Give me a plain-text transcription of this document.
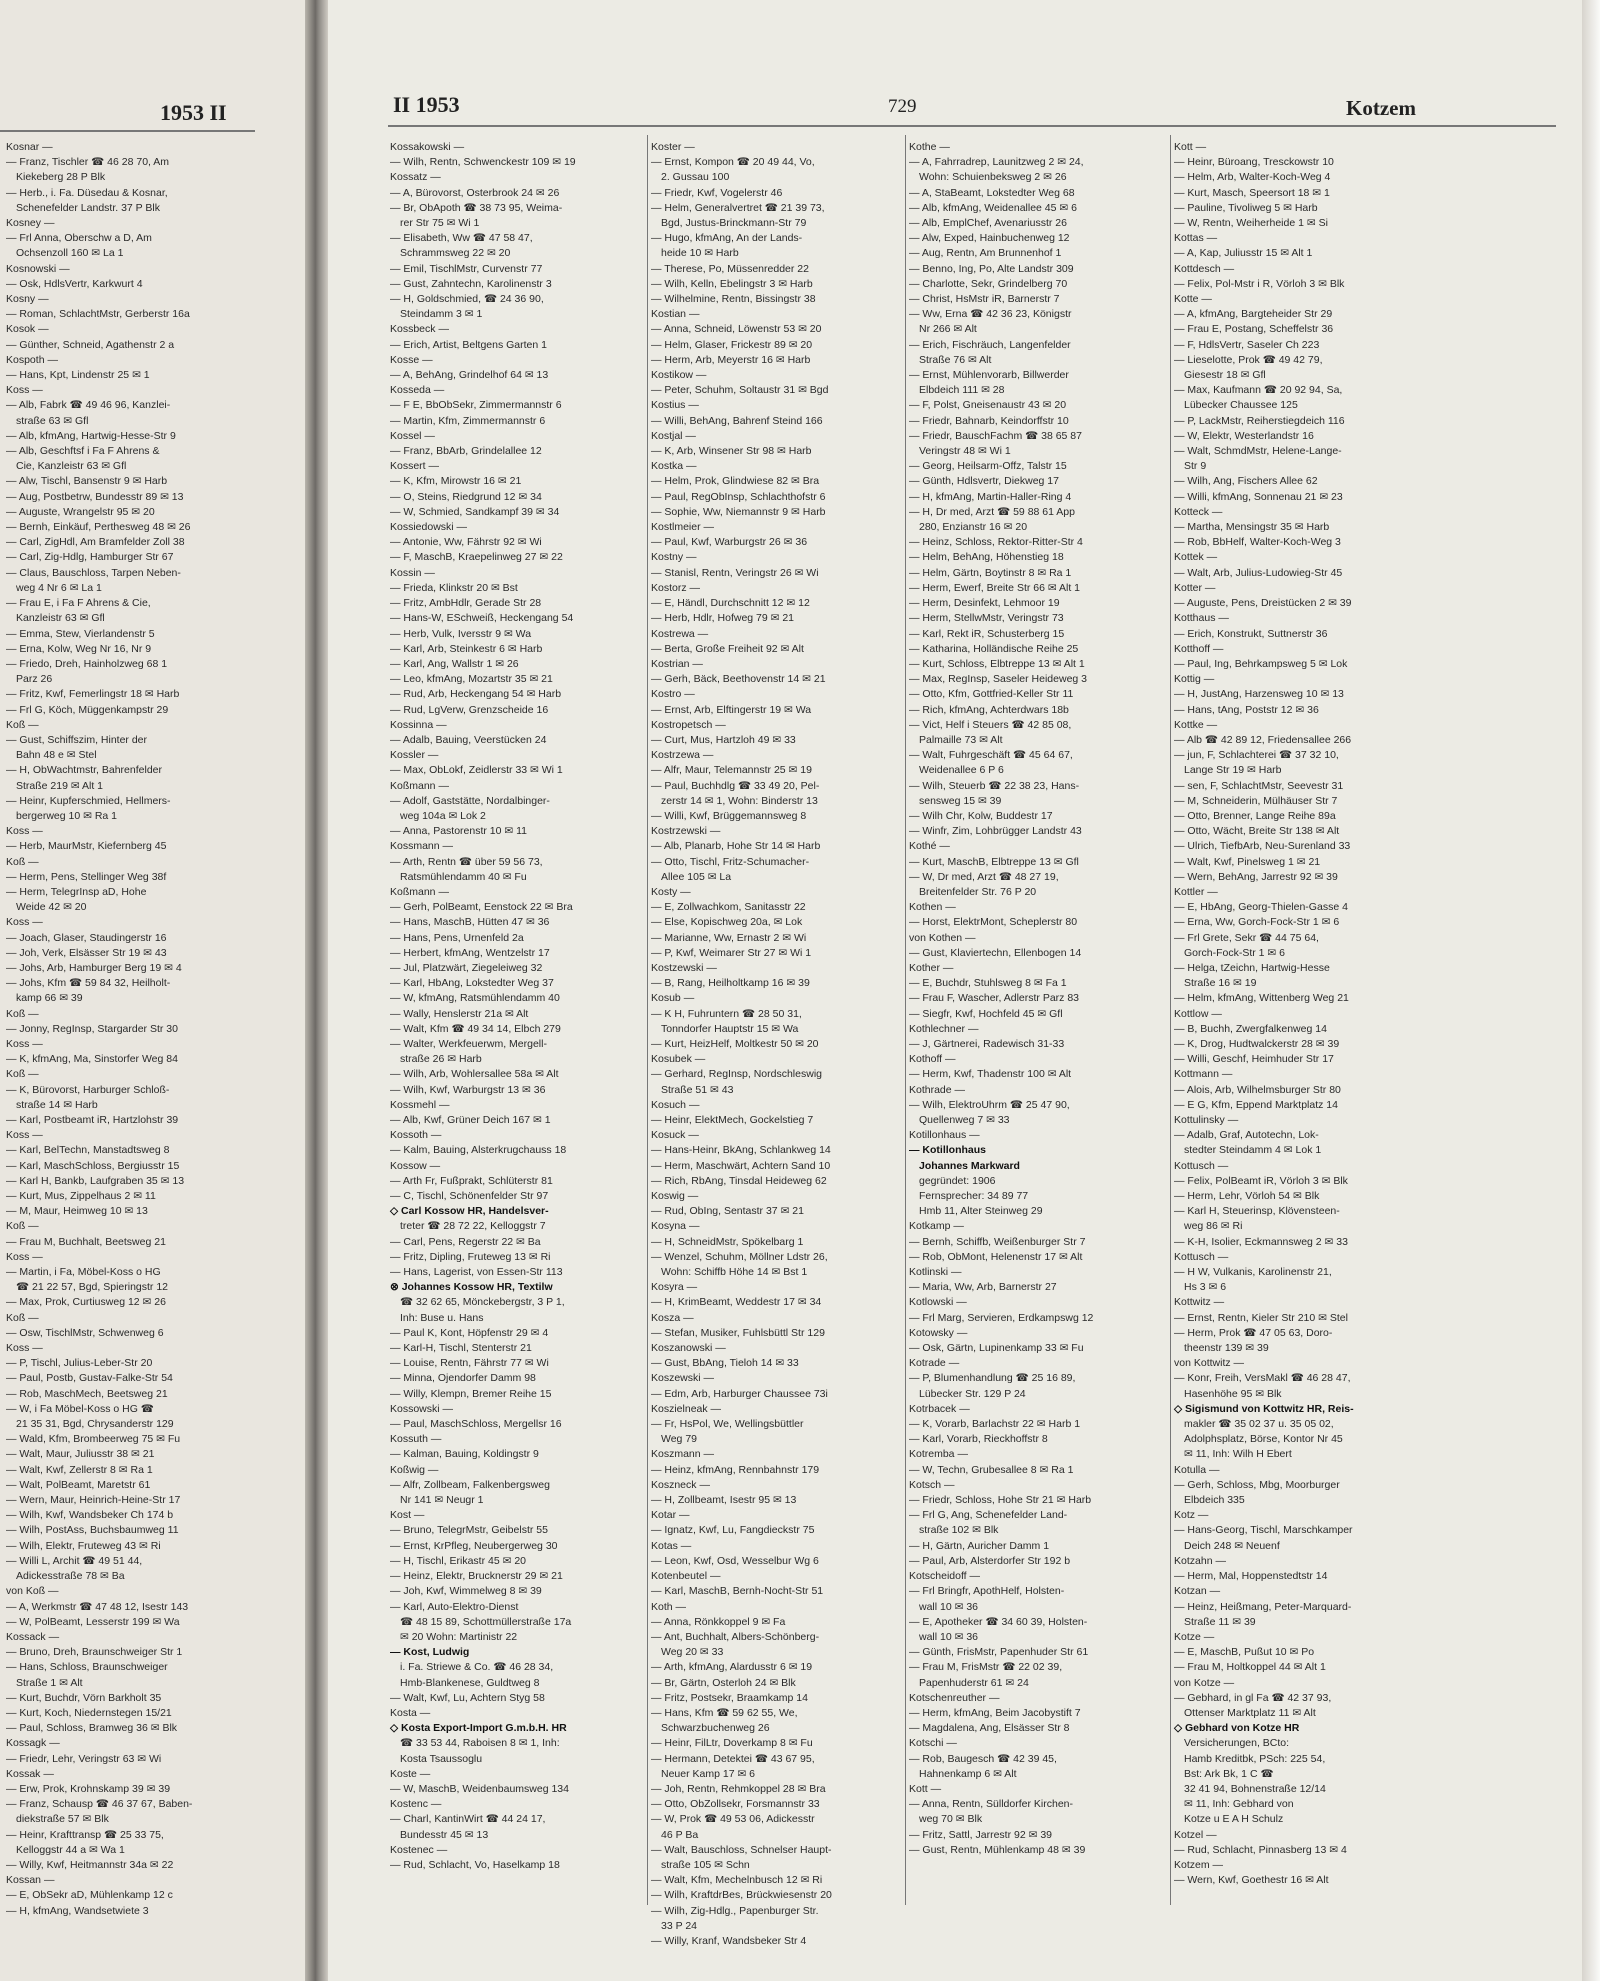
1953 II
Kosnar —
— Franz, Tischler ☎ 46 28 70, Am
Kiekeberg 28 P Blk
— Herb., i. Fa. Düsedau & Kosnar,
Schenefelder Landstr. 37 P Blk
Kosney —
— Frl Anna, Oberschw a D, Am
Ochsenzoll 160 ✉ La 1
Kosnowski —
— Osk, HdlsVertr, Karkwurt 4
Kosny —
— Roman, SchlachtMstr, Gerberstr 16a
Kosok —
— Günther, Schneid, Agathenstr 2 a
Kospoth —
— Hans, Kpt, Lindenstr 25 ✉ 1
Koss —
— Alb, Fabrk ☎ 49 46 96, Kanzlei-
straße 63 ✉ Gfl
— Alb, kfmAng, Hartwig-Hesse-Str 9
— Alb, Geschftsf i Fa F Ahrens &
Cie, Kanzleistr 63 ✉ Gfl
— Alw, Tischl, Bansenstr 9 ✉ Harb
— Aug, Postbetrw, Bundesstr 89 ✉ 13
— Auguste, Wrangelstr 95 ✉ 20
— Bernh, Einkäuf, Perthesweg 48 ✉ 26
— Carl, ZigHdl, Am Bramfelder Zoll 38
— Carl, Zig-Hdlg, Hamburger Str 67
— Claus, Bauschloss, Tarpen Neben-
weg 4 Nr 6 ✉ La 1
— Frau E, i Fa F Ahrens & Cie,
Kanzleistr 63 ✉ Gfl
— Emma, Stew, Vierlandenstr 5
— Erna, Kolw, Weg Nr 16, Nr 9
— Friedo, Dreh, Hainholzweg 68 1
Parz 26
— Fritz, Kwf, Femerlingstr 18 ✉ Harb
— Frl G, Köch, Müggenkampstr 29
Koß —
— Gust, Schiffszim, Hinter der
Bahn 48 e ✉ Stel
— H, ObWachtmstr, Bahrenfelder
Straße 219 ✉ Alt 1
— Heinr, Kupferschmied, Hellmers-
bergerweg 10 ✉ Ra 1
Koss —
— Herb, MaurMstr, Kiefernberg 45
Koß —
— Herm, Pens, Stellinger Weg 38f
— Herm, TelegrInsp aD, Hohe
Weide 42 ✉ 20
Koss —
— Joach, Glaser, Staudingerstr 16
— Joh, Verk, Elsässer Str 19 ✉ 43
— Johs, Arb, Hamburger Berg 19 ✉ 4
— Johs, Kfm ☎ 59 84 32, Heilholt-
kamp 66 ✉ 39
Koß —
— Jonny, RegInsp, Stargarder Str 30
Koss —
— K, kfmAng, Ma, Sinstorfer Weg 84
Koß —
— K, Bürovorst, Harburger Schloß-
straße 14 ✉ Harb
— Karl, Postbeamt iR, Hartzlohstr 39
Koss —
— Karl, BelTechn, Manstadtsweg 8
— Karl, MaschSchloss, Bergiusstr 15
— Karl H, Bankb, Laufgraben 35 ✉ 13
— Kurt, Mus, Zippelhaus 2 ✉ 11
— M, Maur, Heimweg 10 ✉ 13
Koß —
— Frau M, Buchhalt, Beetsweg 21
Koss —
— Martin, i Fa, Möbel-Koss o HG
☎ 21 22 57, Bgd, Spieringstr 12
— Max, Prok, Curtiusweg 12 ✉ 26
Koß —
— Osw, TischlMstr, Schwenweg 6
Koss —
— P, Tischl, Julius-Leber-Str 20
— Paul, Postb, Gustav-Falke-Str 54
— Rob, MaschMech, Beetsweg 21
— W, i Fa Möbel-Koss o HG ☎
21 35 31, Bgd, Chrysanderstr 129
— Wald, Kfm, Brombeerweg 75 ✉ Fu
— Walt, Maur, Juliusstr 38 ✉ 21
— Walt, Kwf, Zellerstr 8 ✉ Ra 1
— Walt, PolBeamt, Maretstr 61
— Wern, Maur, Heinrich-Heine-Str 17
— Wilh, Kwf, Wandsbeker Ch 174 b
— Wilh, PostAss, Buchsbaumweg 11
— Wilh, Elektr, Fruteweg 43 ✉ Ri
— Willi L, Archit ☎ 49 51 44,
Adickesstraße 78 ✉ Ba
von Koß —
— A, Werkmstr ☎ 47 48 12, Isestr 143
— W, PolBeamt, Lesserstr 199 ✉ Wa
Kossack —
— Bruno, Dreh, Braunschweiger Str 1
— Hans, Schloss, Braunschweiger
Straße 1 ✉ Alt
— Kurt, Buchdr, Vörn Barkholt 35
— Kurt, Koch, Niedernstegen 15/21
— Paul, Schloss, Bramweg 36 ✉ Blk
Kossagk —
— Friedr, Lehr, Veringstr 63 ✉ Wi
Kossak —
— Erw, Prok, Krohnskamp 39 ✉ 39
— Franz, Schausp ☎ 46 37 67, Baben-
diekstraße 57 ✉ Blk
— Heinr, Krafttransp ☎ 25 33 75,
Kelloggstr 44 a ✉ Wa 1
— Willy, Kwf, Heitmannstr 34a ✉ 22
Kossan —
— E, ObSekr aD, Mühlenkamp 12 c
— H, kfmAng, Wandsetwiete 3
II 1953	729	Kotzem
Kossakowski —
— Wilh, Rentn, Schwenckestr 109 ✉ 19
Kossatz —
— A, Bürovorst, Osterbrook 24 ✉ 26
— Br, ObApoth ☎ 38 73 95, Weima-
rer Str 75 ✉ Wi 1
— Elisabeth, Ww ☎ 47 58 47,
Schrammsweg 22 ✉ 20
— Emil, TischlMstr, Curvenstr 77
— Gust, Zahntechn, Karolinenstr 3
— H, Goldschmied, ☎ 24 36 90,
Steindamm 3 ✉ 1
Kossbeck —
— Erich, Artist, Beltgens Garten 1
Kosse —
— A, BehAng, Grindelhof 64 ✉ 13
Kosseda —
— F E, BbObSekr, Zimmermannstr 6
— Martin, Kfm, Zimmermannstr 6
Kossel —
— Franz, BbArb, Grindelallee 12
Kossert —
— K, Kfm, Mirowstr 16 ✉ 21
— O, Steins, Riedgrund 12 ✉ 34
— W, Schmied, Sandkampf 39 ✉ 34
Kossiedowski —
— Antonie, Ww, Fährstr 92 ✉ Wi
— F, MaschB, Kraepelinweg 27 ✉ 22
Kossin —
— Frieda, Klinkstr 20 ✉ Bst
— Fritz, AmbHdlr, Gerade Str 28
— Hans-W, ESchweiß, Heckengang 54
— Herb, Vulk, Iversstr 9 ✉ Wa
— Karl, Arb, Steinkestr 6 ✉ Harb
— Karl, Ang, Wallstr 1 ✉ 26
— Leo, kfmAng, Mozartstr 35 ✉ 21
— Rud, Arb, Heckengang 54 ✉ Harb
— Rud, LgVerw, Grenzscheide 16
Kossinna —
— Adalb, Bauing, Veerstücken 24
Kossler —
— Max, ObLokf, Zeidlerstr 33 ✉ Wi 1
Koßmann —
— Adolf, Gaststätte, Nordalbinger-
weg 104a ✉ Lok 2
— Anna, Pastorenstr 10 ✉ 11
Kossmann —
— Arth, Rentn ☎ über 59 56 73,
Ratsmühlendamm 40 ✉ Fu
Koßmann —
— Gerh, PolBeamt, Eenstock 22 ✉ Bra
— Hans, MaschB, Hütten 47 ✉ 36
— Hans, Pens, Urnenfeld 2a
— Herbert, kfmAng, Wentzelstr 17
— Jul, Platzwärt, Ziegeleiweg 32
— Karl, HbAng, Lokstedter Weg 37
— W, kfmAng, Ratsmühlendamm 40
— Wally, Henslerstr 21a ✉ Alt
— Walt, Kfm ☎ 49 34 14, Elbch 279
— Walter, Werkfeuerwm, Mergell-
straße 26 ✉ Harb
— Wilh, Arb, Wohlersallee 58a ✉ Alt
— Wilh, Kwf, Warburgstr 13 ✉ 36
Kossmehl —
— Alb, Kwf, Grüner Deich 167 ✉ 1
Kossoth —
— Kalm, Bauing, Alsterkrugchauss 18
Kossow —
— Arth Fr, Fußprakt, Schlüterstr 81
— C, Tischl, Schönenfelder Str 97
◇ Carl Kossow HR, Handelsver-
treter ☎ 28 72 22, Kelloggstr 7
— Carl, Pens, Regerstr 22 ✉ Ba
— Fritz, Dipling, Fruteweg 13 ✉ Ri
— Hans, Lagerist, von Essen-Str 113
⊗ Johannes Kossow HR, Textilw
☎ 32 62 65, Mönckebergstr, 3 P 1,
Inh: Buse u. Hans
— Paul K, Kont, Höpfenstr 29 ✉ 4
— Karl-H, Tischl, Stenterstr 21
— Louise, Rentn, Fährstr 77 ✉ Wi
— Minna, Ojendorfer Damm 98
— Willy, Klempn, Bremer Reihe 15
Kossowski —
— Paul, MaschSchloss, Mergellsr 16
Kossuth —
— Kalman, Bauing, Koldingstr 9
Koßwig —
— Alfr, Zollbeam, Falkenbergsweg
Nr 141 ✉ Neugr 1
Kost —
— Bruno, TelegrMstr, Geibelstr 55
— Ernst, KrPfleg, Neubergerweg 30
— H, Tischl, Erikastr 45 ✉ 20
— Heinz, Elektr, Brucknerstr 29 ✉ 21
— Joh, Kwf, Wimmelweg 8 ✉ 39
— Karl, Auto-Elektro-Dienst
☎ 48 15 89, Schottmüllerstraße 17a
✉ 20 Wohn: Martinistr 22
— Kost, Ludwig
i. Fa. Striewe & Co. ☎ 46 28 34,
Hmb-Blankenese, Guldtweg 8
— Walt, Kwf, Lu, Achtern Styg 58
Kosta —
◇ Kosta Export-Import G.m.b.H. HR
☎ 33 53 44, Raboisen 8 ✉ 1, Inh:
Kosta Tsaussoglu
Koste —
— W, MaschB, Weidenbaumsweg 134
Kostenc —
— Charl, KantinWirt ☎ 44 24 17,
Bundesstr 45 ✉ 13
Kostenec —
— Rud, Schlacht, Vo, Haselkamp 18
Koster —
— Ernst, Kompon ☎ 20 49 44, Vo,
2. Gussau 100
— Friedr, Kwf, Vogelerstr 46
— Helm, Generalvertret ☎ 21 39 73,
Bgd, Justus-Brinckmann-Str 79
— Hugo, kfmAng, An der Lands-
heide 10 ✉ Harb
— Therese, Po, Müssenredder 22
— Wilh, Kelln, Ebelingstr 3 ✉ Harb
— Wilhelmine, Rentn, Bissingstr 38
Kostian —
— Anna, Schneid, Löwenstr 53 ✉ 20
— Helm, Glaser, Frickestr 89 ✉ 20
— Herm, Arb, Meyerstr 16 ✉ Harb
Kostikow —
— Peter, Schuhm, Soltaustr 31 ✉ Bgd
Kostius —
— Willi, BehAng, Bahrenf Steind 166
Kostjal —
— K, Arb, Winsener Str 98 ✉ Harb
Kostka —
— Helm, Prok, Glindwiese 82 ✉ Bra
— Paul, RegObInsp, Schlachthofstr 6
— Sophie, Ww, Niemannstr 9 ✉ Harb
Kostlmeier —
— Paul, Kwf, Warburgstr 26 ✉ 36
Kostny —
— Stanisl, Rentn, Veringstr 26 ✉ Wi
Kostorz —
— E, Händl, Durchschnitt 12 ✉ 12
— Herb, Hdlr, Hofweg 79 ✉ 21
Kostrewa —
— Berta, Große Freiheit 92 ✉ Alt
Kostrian —
— Gerh, Bäck, Beethovenstr 14 ✉ 21
Kostro —
— Ernst, Arb, Elftingerstr 19 ✉ Wa
Kostropetsch —
— Curt, Mus, Hartzloh 49 ✉ 33
Kostrzewa —
— Alfr, Maur, Telemannstr 25 ✉ 19
— Paul, Buchhdlg ☎ 33 49 20, Pel-
zerstr 14 ✉ 1, Wohn: Binderstr 13
— Willi, Kwf, Brüggemannsweg 8
Kostrzewski —
— Alb, Planarb, Hohe Str 14 ✉ Harb
— Otto, Tischl, Fritz-Schumacher-
Allee 105 ✉ La
Kosty —
— E, Zollwachkom, Sanitasstr 22
— Else, Kopischweg 20a, ✉ Lok
— Marianne, Ww, Ernastr 2 ✉ Wi
— P, Kwf, Weimarer Str 27 ✉ Wi 1
Kostzewski —
— B, Rang, Heilholtkamp 16 ✉ 39
Kosub —
— K H, Fuhruntern ☎ 28 50 31,
Tonndorfer Hauptstr 15 ✉ Wa
— Kurt, HeizHelf, Moltkestr 50 ✉ 20
Kosubek —
— Gerhard, RegInsp, Nordschleswig
Straße 51 ✉ 43
Kosuch —
— Heinr, ElektMech, Gockelstieg 7
Kosuck —
— Hans-Heinr, BkAng, Schlankweg 14
— Herm, Maschwärt, Achtern Sand 10
— Rich, RbAng, Tinsdal Heideweg 62
Koswig —
— Rud, ObIng, Sentastr 37 ✉ 21
Kosyna —
— H, SchneidMstr, Spökelbarg 1
— Wenzel, Schuhm, Möllner Ldstr 26,
Wohn: Schiffb Höhe 14 ✉ Bst 1
Kosyra —
— H, KrimBeamt, Weddestr 17 ✉ 34
Kosza —
— Stefan, Musiker, Fuhlsbüttl Str 129
Koszanowski —
— Gust, BbAng, Tieloh 14 ✉ 33
Koszewski —
— Edm, Arb, Harburger Chaussee 73i
Koszielneak —
— Fr, HsPol, We, Wellingsbüttler
Weg 79
Koszmann —
— Heinz, kfmAng, Rennbahnstr 179
Koszneck —
— H, Zollbeamt, Isestr 95 ✉ 13
Kotar —
— Ignatz, Kwf, Lu, Fangdieckstr 75
Kotas —
— Leon, Kwf, Osd, Wesselbur Wg 6
Kotenbeutel —
— Karl, MaschB, Bernh-Nocht-Str 51
Koth —
— Anna, Rönkkoppel 9 ✉ Fa
— Ant, Buchhalt, Albers-Schönberg-
Weg 20 ✉ 33
— Arth, kfmAng, Alardusstr 6 ✉ 19
— Br, Gärtn, Osterloh 24 ✉ Blk
— Fritz, Postsekr, Braamkamp 14
— Hans, Kfm ☎ 59 62 55, We,
Schwarzbuchenweg 26
— Heinr, FilLtr, Doverkamp 8 ✉ Fu
— Hermann, Detektei ☎ 43 67 95,
Neuer Kamp 17 ✉ 6
— Joh, Rentn, Rehmkoppel 28 ✉ Bra
— Otto, ObZollsekr, Forsmannstr 33
— W, Prok ☎ 49 53 06, Adickesstr
46 P Ba
— Walt, Bauschloss, Schnelser Haupt-
straße 105 ✉ Schn
— Walt, Kfm, Mechelnbusch 12 ✉ Ri
— Wilh, KraftdrBes, Brückwiesenstr 20
— Wilh, Zig-Hdlg., Papenburger Str.
33 P 24
— Willy, Kranf, Wandsbeker Str 4
Kothe —
— A, Fahrradrep, Launitzweg 2 ✉ 24,
Wohn: Schuienbeksweg 2 ✉ 26
— A, StaBeamt, Lokstedter Weg 68
— Alb, kfmAng, Weidenallee 45 ✉ 6
— Alb, EmplChef, Avenariusstr 26
— Alw, Exped, Hainbuchenweg 12
— Aug, Rentn, Am Brunnenhof 1
— Benno, Ing, Po, Alte Landstr 309
— Charlotte, Sekr, Grindelberg 70
— Christ, HsMstr iR, Barnerstr 7
— Ww, Erna ☎ 42 36 23, Königstr
Nr 266 ✉ Alt
— Erich, Fischräuch, Langenfelder
Straße 76 ✉ Alt
— Ernst, Mühlenvorarb, Billwerder
Elbdeich 111 ✉ 28
— F, Polst, Gneisenaustr 43 ✉ 20
— Friedr, Bahnarb, Keindorffstr 10
— Friedr, BauschFachm ☎ 38 65 87
Veringstr 48 ✉ Wi 1
— Georg, Heilsarm-Offz, Talstr 15
— Günth, Hdlsvertr, Diekweg 17
— H, kfmAng, Martin-Haller-Ring 4
— H, Dr med, Arzt ☎ 59 88 61 App
280, Enzianstr 16 ✉ 20
— Heinz, Schloss, Rektor-Ritter-Str 4
— Helm, BehAng, Höhenstieg 18
— Helm, Gärtn, Boytinstr 8 ✉ Ra 1
— Herm, Ewerf, Breite Str 66 ✉ Alt 1
— Herm, Desinfekt, Lehmoor 19
— Herm, StellwMstr, Veringstr 73
— Karl, Rekt iR, Schusterberg 15
— Katharina, Holländische Reihe 25
— Kurt, Schloss, Elbtreppe 13 ✉ Alt 1
— Max, RegInsp, Saseler Heideweg 3
— Otto, Kfm, Gottfried-Keller Str 11
— Rich, kfmAng, Achterdwars 18b
— Vict, Helf i Steuers ☎ 42 85 08,
Palmaille 73 ✉ Alt
— Walt, Fuhrgeschäft ☎ 45 64 67,
Weidenallee 6 P 6
— Wilh, Steuerb ☎ 22 38 23, Hans-
sensweg 15 ✉ 39
— Wilh Chr, Kolw, Buddestr 17
— Winfr, Zim, Lohbrügger Landstr 43
Kothé —
— Kurt, MaschB, Elbtreppe 13 ✉ Gfl
— W, Dr med, Arzt ☎ 48 27 19,
Breitenfelder Str. 76 P 20
Kothen —
— Horst, ElektrMont, Scheplerstr 80
von Kothen —
— Gust, Klaviertechn, Ellenbogen 14
Kother —
— E, Buchdr, Stuhlsweg 8 ✉ Fa 1
— Frau F, Wascher, Adlerstr Parz 83
— Siegfr, Kwf, Hochfeld 45 ✉ Gfl
Kothlechner —
— J, Gärtnerei, Radewisch 31-33
Kothoff —
— Herm, Kwf, Thadenstr 100 ✉ Alt
Kothrade —
— Wilh, ElektroUhrm ☎ 25 47 90,
Quellenweg 7 ✉ 33
Kotillonhaus —
— Kotillonhaus
Johannes Markward
gegründet: 1906
Fernsprecher: 34 89 77
Hmb 11, Alter Steinweg 29
Kotkamp —
— Bernh, Schiffb, Weißenburger Str 7
— Rob, ObMont, Helenenstr 17 ✉ Alt
Kotlinski —
— Maria, Ww, Arb, Barnerstr 27
Kotlowski —
— Frl Marg, Servieren, Erdkampswg 12
Kotowsky —
— Osk, Gärtn, Lupinenkamp 33 ✉ Fu
Kotrade —
— P, Blumenhandlung ☎ 25 16 89,
Lübecker Str. 129 P 24
Kotrbacek —
— K, Vorarb, Barlachstr 22 ✉ Harb 1
— Karl, Vorarb, Rieckhoffstr 8
Kotremba —
— W, Techn, Grubesallee 8 ✉ Ra 1
Kotsch —
— Friedr, Schloss, Hohe Str 21 ✉ Harb
— Frl G, Ang, Schenefelder Land-
straße 102 ✉ Blk
— H, Gärtn, Auricher Damm 1
— Paul, Arb, Alsterdorfer Str 192 b
Kotscheidoff —
— Frl Bringfr, ApothHelf, Holsten-
wall 10 ✉ 36
— E, Apotheker ☎ 34 60 39, Holsten-
wall 10 ✉ 36
— Günth, FrisMstr, Papenhuder Str 61
— Frau M, FrisMstr ☎ 22 02 39,
Papenhuderstr 61 ✉ 24
Kotschenreuther —
— Herm, kfmAng, Beim Jacobystift 7
— Magdalena, Ang, Elsässer Str 8
Kotschi —
— Rob, Baugesch ☎ 42 39 45,
Hahnenkamp 6 ✉ Alt
Kott —
— Anna, Rentn, Sülldorfer Kirchen-
weg 70 ✉ Blk
— Fritz, Sattl, Jarrestr 92 ✉ 39
— Gust, Rentn, Mühlenkamp 48 ✉ 39
Kott —
— Heinr, Büroang, Tresckowstr 10
— Helm, Arb, Walter-Koch-Weg 4
— Kurt, Masch, Speersort 18 ✉ 1
— Pauline, Tivoliweg 5 ✉ Harb
— W, Rentn, Weiherheide 1 ✉ Si
Kottas —
— A, Kap, Juliusstr 15 ✉ Alt 1
Kottdesch —
— Felix, Pol-Mstr i R, Vörloh 3 ✉ Blk
Kotte —
— A, kfmAng, Bargteheider Str 29
— Frau E, Postang, Scheffelstr 36
— F, HdlsVertr, Saseler Ch 223
— Lieselotte, Prok ☎ 49 42 79,
Giesestr 18 ✉ Gfl
— Max, Kaufmann ☎ 20 92 94, Sa,
Lübecker Chaussee 125
— P, LackMstr, Reiherstiegdeich 116
— W, Elektr, Westerlandstr 16
— Walt, SchmdMstr, Helene-Lange-
Str 9
— Wilh, Ang, Fischers Allee 62
— Willi, kfmAng, Sonnenau 21 ✉ 23
Kotteck —
— Martha, Mensingstr 35 ✉ Harb
— Rob, BbHelf, Walter-Koch-Weg 3
Kottek —
— Walt, Arb, Julius-Ludowieg-Str 45
Kotter —
— Auguste, Pens, Dreistücken 2 ✉ 39
Kotthaus —
— Erich, Konstrukt, Suttnerstr 36
Kotthoff —
— Paul, Ing, Behrkampsweg 5 ✉ Lok
Kottig —
— H, JustAng, Harzensweg 10 ✉ 13
— Hans, tAng, Poststr 12 ✉ 36
Kottke —
— Alb ☎ 42 89 12, Friedensallee 266
— jun, F, Schlachterei ☎ 37 32 10,
Lange Str 19 ✉ Harb
— sen, F, SchlachtMstr, Seevestr 31
— M, Schneiderin, Mülhäuser Str 7
— Otto, Brenner, Lange Reihe 89a
— Otto, Wächt, Breite Str 138 ✉ Alt
— Ulrich, TiefbArb, Neu-Surenland 33
— Walt, Kwf, Pinelsweg 1 ✉ 21
— Wern, BehAng, Jarrestr 92 ✉ 39
Kottler —
— E, HbAng, Georg-Thielen-Gasse 4
— Erna, Ww, Gorch-Fock-Str 1 ✉ 6
— Frl Grete, Sekr ☎ 44 75 64,
Gorch-Fock-Str 1 ✉ 6
— Helga, tZeichn, Hartwig-Hesse
Straße 16 ✉ 19
— Helm, kfmAng, Wittenberg Weg 21
Kottlow —
— B, Buchh, Zwergfalkenweg 14
— K, Drog, Hudtwalckerstr 28 ✉ 39
— Willi, Geschf, Heimhuder Str 17
Kottmann —
— Alois, Arb, Wilhelmsburger Str 80
— E G, Kfm, Eppend Marktplatz 14
Kottulinsky —
— Adalb, Graf, Autotechn, Lok-
stedter Steindamm 4 ✉ Lok 1
Kottusch —
— Felix, PolBeamt iR, Vörloh 3 ✉ Blk
— Herm, Lehr, Vörloh 54 ✉ Blk
— Karl H, Steuerinsp, Klövensteen-
weg 86 ✉ Ri
— K-H, Isolier, Eckmannsweg 2 ✉ 33
Kottusch —
— H W, Vulkanis, Karolinenstr 21,
Hs 3 ✉ 6
Kottwitz —
— Ernst, Rentn, Kieler Str 210 ✉ Stel
— Herm, Prok ☎ 47 05 63, Doro-
theenstr 139 ✉ 39
von Kottwitz —
— Konr, Freih, VersMakl ☎ 46 28 47,
Hasenhöhe 95 ✉ Blk
◇ Sigismund von Kottwitz HR, Reis-
makler ☎ 35 02 37 u. 35 05 02,
Adolphsplatz, Börse, Kontor Nr 45
✉ 11, Inh: Wilh H Ebert
Kotulla —
— Gerh, Schloss, Mbg, Moorburger
Elbdeich 335
Kotz —
— Hans-Georg, Tischl, Marschkamper
Deich 248 ✉ Neuenf
Kotzahn —
— Herm, Mal, Hoppenstedtstr 14
Kotzan —
— Heinz, Heißmang, Peter-Marquard-
Straße 11 ✉ 39
Kotze —
— E, MaschB, Pußut 10 ✉ Po
— Frau M, Holtkoppel 44 ✉ Alt 1
von Kotze —
— Gebhard, in gl Fa ☎ 42 37 93,
Ottenser Marktplatz 11 ✉ Alt
◇ Gebhard von Kotze HR
Versicherungen, BCto:
Hamb Kreditbk, PSch: 225 54,
Bst: Ark Bk, 1 C ☎
32 41 94, Bohnenstraße 12/14
✉ 11, Inh: Gebhard von
Kotze u E A H Schulz
Kotzel —
— Rud, Schlacht, Pinnasberg 13 ✉ 4
Kotzem —
— Wern, Kwf, Goethestr 16 ✉ Alt
